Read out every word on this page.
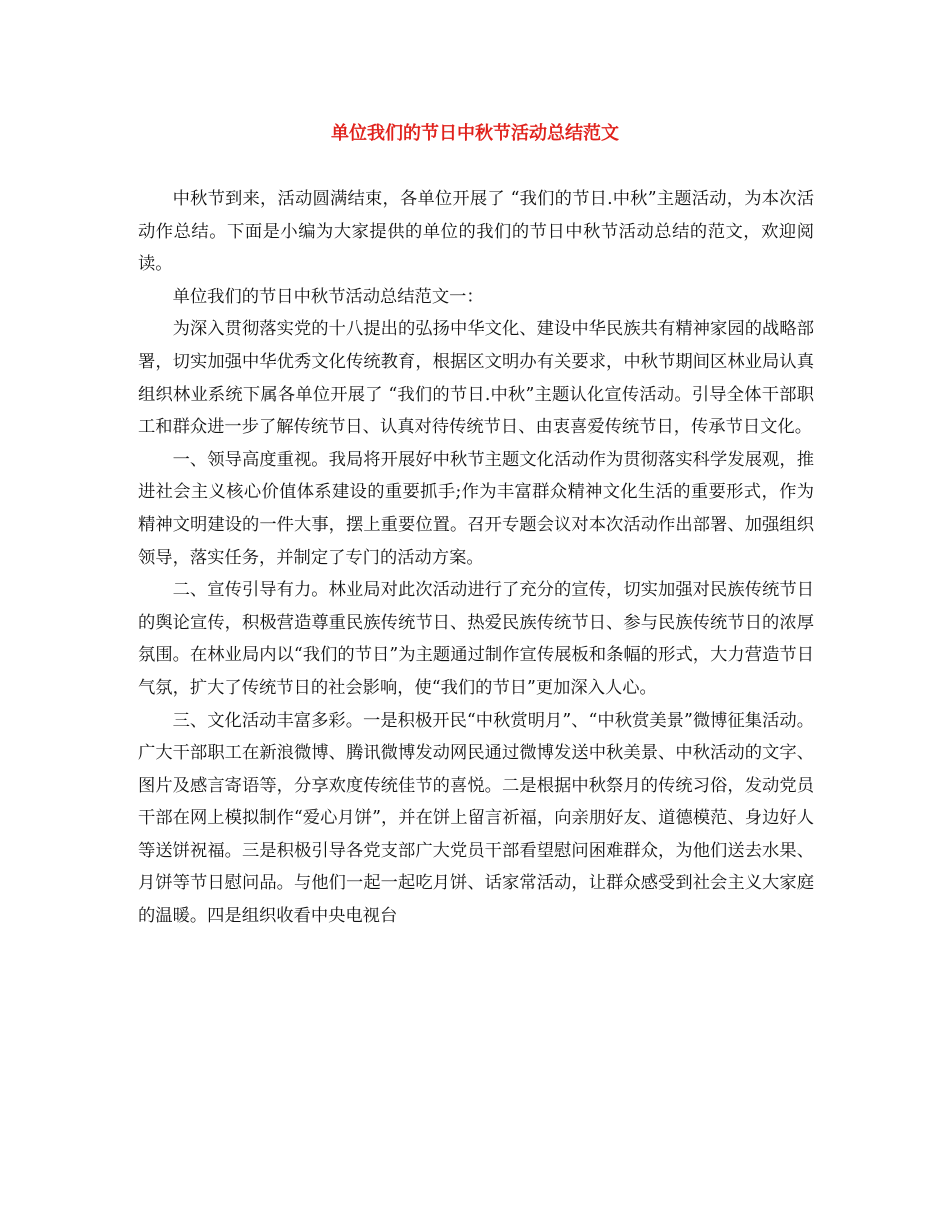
单位我们的节日中秋节活动总结范文

中秋节到来，活动圆满结束，各单位开展了 “我们的节日.中秋”主题活动，为本次活动作总结。下面是小编为大家提供的单位的我们的节日中秋节活动总结的范文，欢迎阅读。

单位我们的节日中秋节活动总结范文一：

为深入贯彻落实党的十八提出的弘扬中华文化、建设中华民族共有精神家园的战略部署，切实加强中华优秀文化传统教育，根据区文明办有关要求，中秋节期间区林业局认真组织林业系统下属各单位开展了 “我们的节日.中秋”主题认化宣传活动。引导全体干部职工和群众进一步了解传统节日、认真对待传统节日、由衷喜爱传统节日，传承节日文化。

一、领导高度重视。我局将开展好中秋节主题文化活动作为贯彻落实科学发展观，推进社会主义核心价值体系建设的重要抓手;作为丰富群众精神文化生活的重要形式，作为精神文明建设的一件大事，摆上重要位置。召开专题会议对本次活动作出部署、加强组织领导，落实任务，并制定了专门的活动方案。

二、宣传引导有力。林业局对此次活动进行了充分的宣传，切实加强对民族传统节日的舆论宣传，积极营造尊重民族传统节日、热爱民族传统节日、参与民族传统节日的浓厚氛围。在林业局内以“我们的节日”为主题通过制作宣传展板和条幅的形式，大力营造节日气氛，扩大了传统节日的社会影响，使“我们的节日”更加深入人心。

三、文化活动丰富多彩。一是积极开民“中秋赏明月”、“中秋赏美景”微博征集活动。广大干部职工在新浪微博、腾讯微博发动网民通过微博发送中秋美景、中秋活动的文字、图片及感言寄语等，分享欢度传统佳节的喜悦。二是根据中秋祭月的传统习俗，发动党员干部在网上模拟制作“爱心月饼”，并在饼上留言祈福，向亲朋好友、道德模范、身边好人等送饼祝福。三是积极引导各党支部广大党员干部看望慰问困难群众，为他们送去水果、月饼等节日慰问品。与他们一起一起吃月饼、话家常活动，让群众感受到社会主义大家庭的温暖。四是组织收看中央电视台
